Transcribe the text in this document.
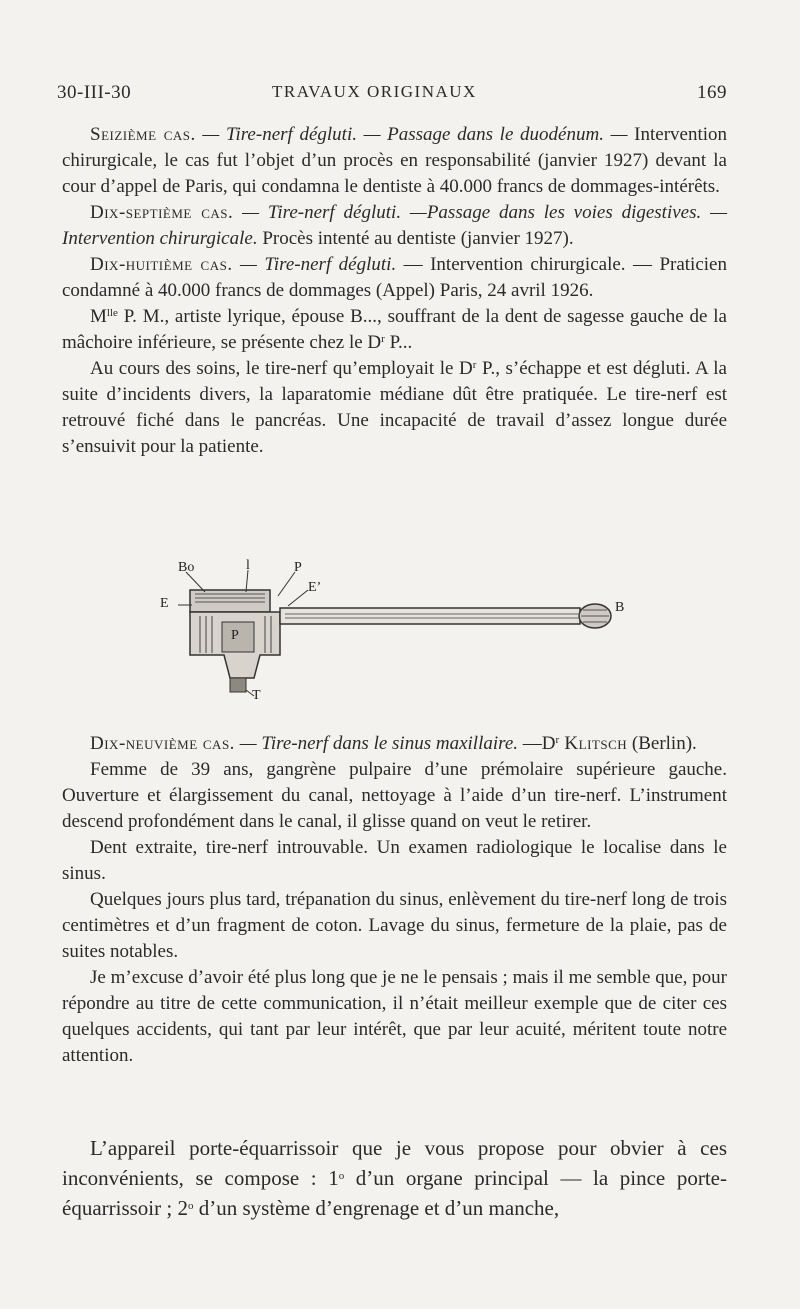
30-III-30	TRAVAUX ORIGINAUX	169

Seizième cas. — Tire-nerf dégluti. — Passage dans le duodénum. — Intervention chirurgicale, le cas fut l’objet d’un procès en responsabilité (janvier 1927) devant la cour d’appel de Paris, qui condamna le dentiste à 40.000 francs de dommages-intérêts.

Dix-septième cas. — Tire-nerf dégluti. —Passage dans les voies digestives. — Intervention chirurgicale. Procès intenté au dentiste (janvier 1927).

Dix-huitième cas. — Tire-nerf dégluti. — Intervention chirurgicale. — Praticien condamné à 40.000 francs de dommages (Appel) Paris, 24 avril 1926.

$M^{lle}$ P. M., artiste lyrique, épouse B..., souffrant de la dent de sagesse gauche de la mâchoire inférieure, se présente chez le $D^r$ P...

Au cours des soins, le tire-nerf qu’employait le $D^r$ P., s’échappe et est dégluti. A la suite d’incidents divers, la laparatomie médiane dût être pratiquée. Le tire-nerf est retrouvé fiché dans le pancréas. Une incapacité de travail d’assez longue durée s’ensuivit pour la patiente.

Bo	l	P
E’
E	B
P
T

Dix-neuvième cas. — Tire-nerf dans le sinus maxillaire. $—D^r$ Klitsch (Berlin).

Femme de 39 ans, gangrène pulpaire d’une prémolaire supérieure gauche. Ouverture et élargissement du canal, nettoyage à l’aide d’un tire-nerf. L’instrument descend profondément dans le canal, il glisse quand on veut le retirer.

Dent extraite, tire-nerf introuvable. Un examen radiologique le localise dans le sinus.

Quelques jours plus tard, trépanation du sinus, enlèvement du tire-nerf long de trois centimètres et d’un fragment de coton. Lavage du sinus, fermeture de la plaie, pas de suites notables.

Je m’excuse d’avoir été plus long que je ne le pensais ; mais il me semble que, pour répondre au titre de cette communication, il n’était meilleur exemple que de citer ces quelques accidents, qui tant par leur intérêt, que par leur acuité, méritent toute notre attention.

L’appareil porte-équarrissoir que je vous propose pour obvier à ces inconvénients, se compose : 1$^o$ d’un organe principal — la pince porte-équarrissoir ; 2$^o$ d’un système d’engrenage et d’un manche,
